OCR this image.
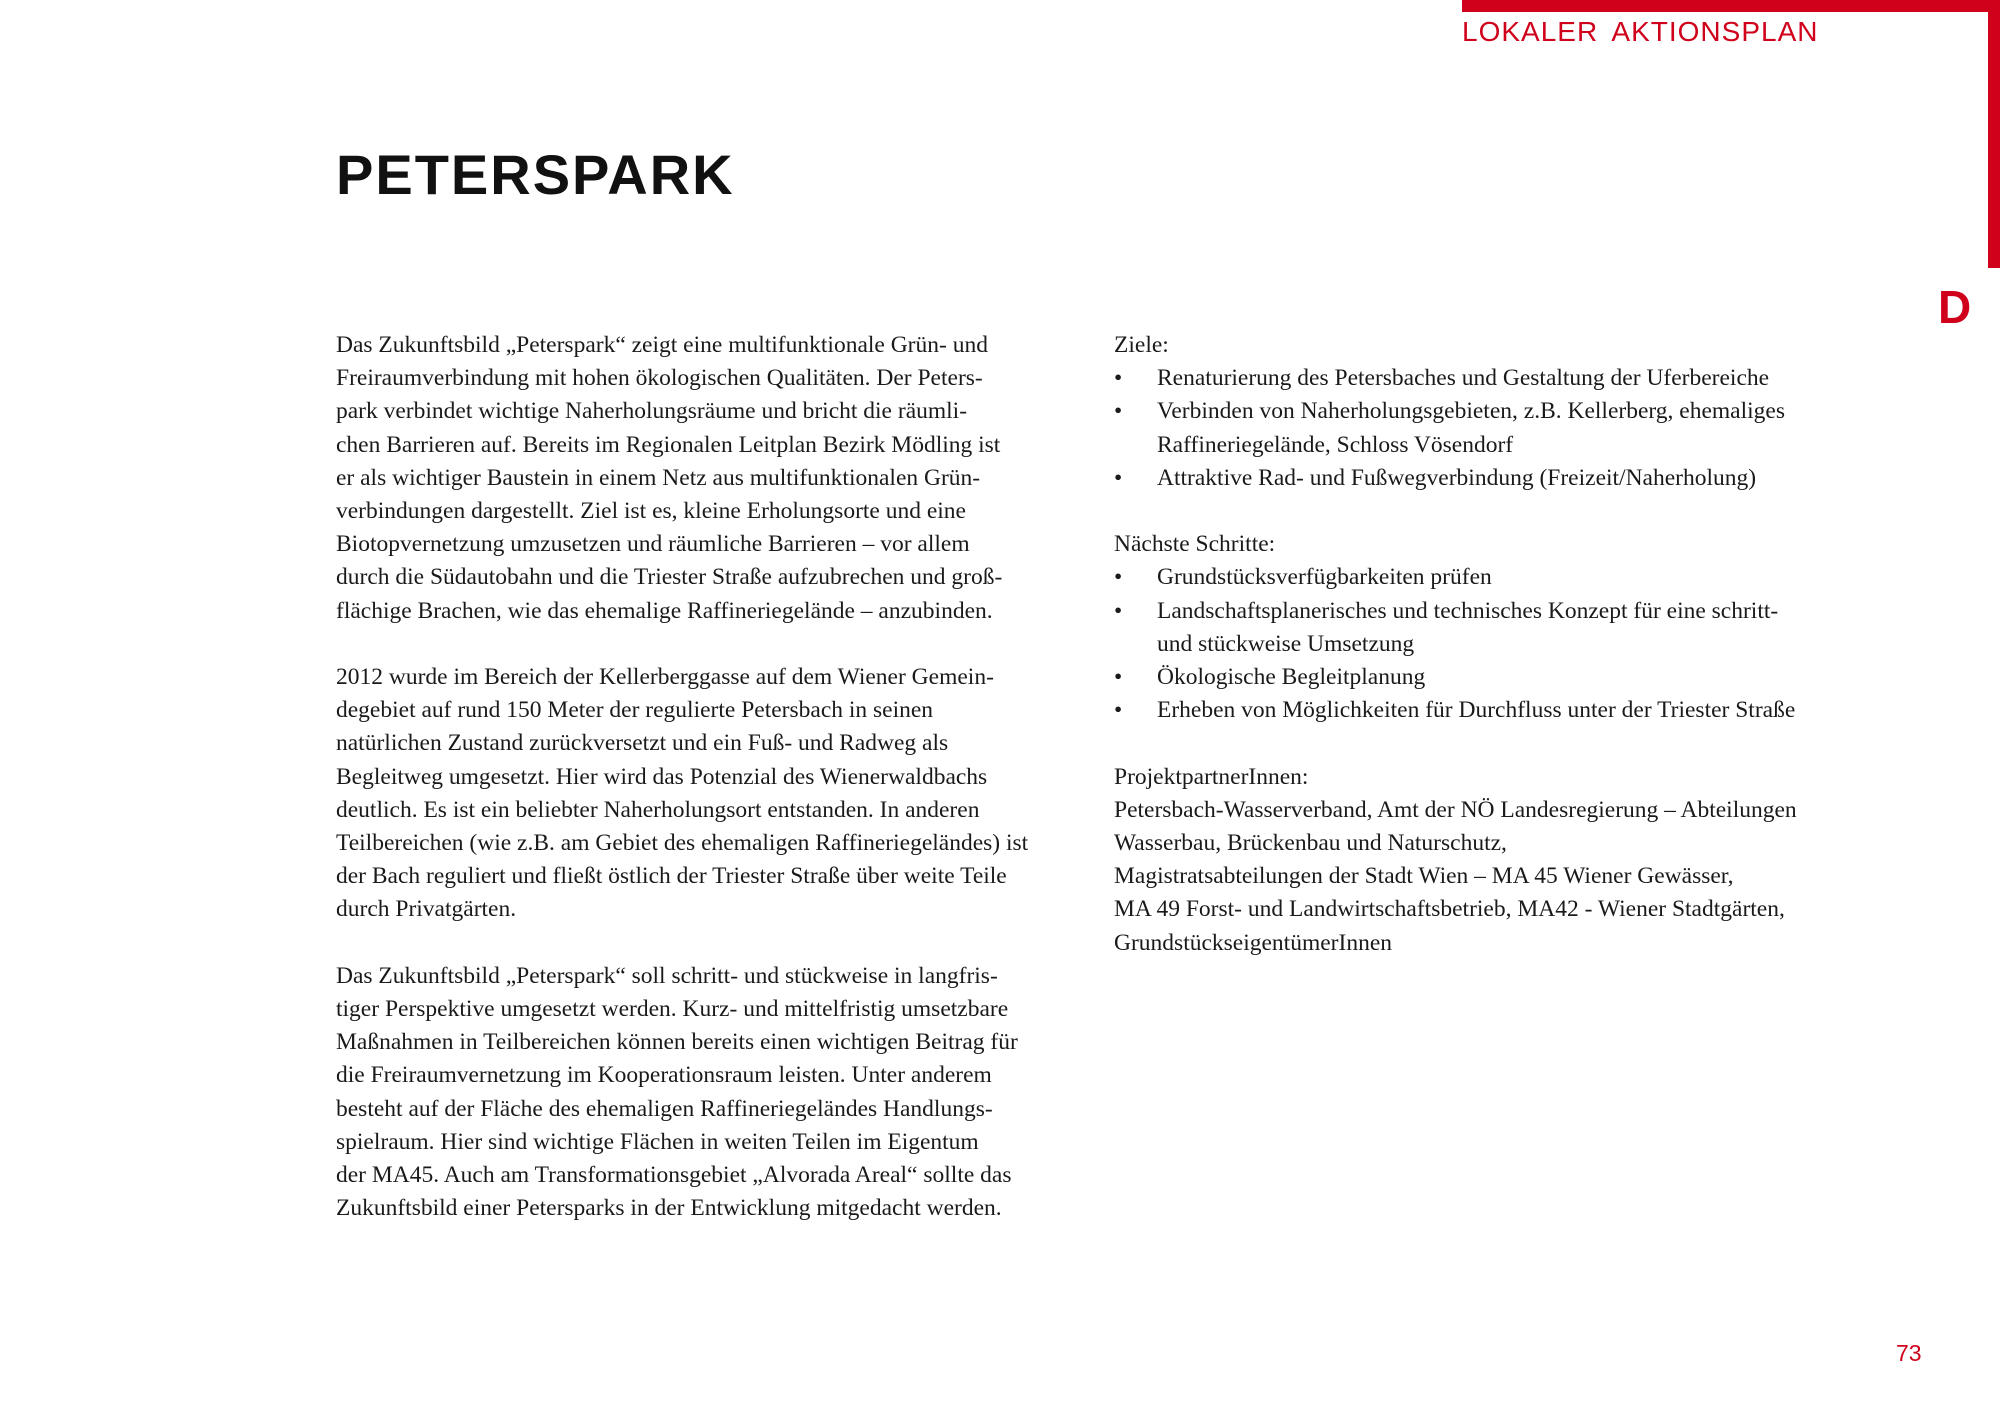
LOKALER AKTIONSPLAN
D
PETERSPARK

Das Zukunftsbild „Peterspark“ zeigt eine multifunktionale Grün- und
Freiraumverbindung mit hohen ökologischen Qualitäten. Der Peters-
park verbindet wichtige Naherholungsräume und bricht die räumli-
chen Barrieren auf. Bereits im Regionalen Leitplan Bezirk Mödling ist
er als wichtiger Baustein in einem Netz aus multifunktionalen Grün-
verbindungen dargestellt. Ziel ist es, kleine Erholungsorte und eine
Biotopvernetzung umzusetzen und räumliche Barrieren – vor allem
durch die Südautobahn und die Triester Straße aufzubrechen und groß-
flächige Brachen, wie das ehemalige Raffineriegelände – anzubinden.

2012 wurde im Bereich der Kellerberggasse auf dem Wiener Gemein-
degebiet auf rund 150 Meter der regulierte Petersbach in seinen
natürlichen Zustand zurückversetzt und ein Fuß- und Radweg als
Begleitweg umgesetzt. Hier wird das Potenzial des Wienerwaldbachs
deutlich. Es ist ein beliebter Naherholungsort entstanden. In anderen
Teilbereichen (wie z.B. am Gebiet des ehemaligen Raffineriegeländes) ist
der Bach reguliert und fließt östlich der Triester Straße über weite Teile
durch Privatgärten.

Das Zukunftsbild „Peterspark“ soll schritt- und stückweise in langfris-
tiger Perspektive umgesetzt werden. Kurz- und mittelfristig umsetzbare
Maßnahmen in Teilbereichen können bereits einen wichtigen Beitrag für
die Freiraumvernetzung im Kooperationsraum leisten. Unter anderem
besteht auf der Fläche des ehemaligen Raffineriegeländes Handlungs-
spielraum. Hier sind wichtige Flächen in weiten Teilen im Eigentum
der MA45. Auch am Transformationsgebiet „Alvorada Areal“ sollte das
Zukunftsbild einer Petersparks in der Entwicklung mitgedacht werden.

Ziele:
• Renaturierung des Petersbaches und Gestaltung der Uferbereiche
• Verbinden von Naherholungsgebieten, z.B. Kellerberg, ehemaliges
Raffineriegelände, Schloss Vösendorf
• Attraktive Rad- und Fußwegverbindung (Freizeit/Naherholung)
Nächste Schritte:
• Grundstücksverfügbarkeiten prüfen
• Landschaftsplanerisches und technisches Konzept für eine schritt-
und stückweise Umsetzung
• Ökologische Begleitplanung
• Erheben von Möglichkeiten für Durchfluss unter der Triester Straße
ProjektpartnerInnen:
Petersbach-Wasserverband, Amt der NÖ Landesregierung – Abteilungen
Wasserbau, Brückenbau und Naturschutz,
Magistratsabteilungen der Stadt Wien – MA 45 Wiener Gewässer,
MA 49 Forst- und Landwirtschaftsbetrieb, MA42 - Wiener Stadtgärten,
GrundstückseigentümerInnen
73
